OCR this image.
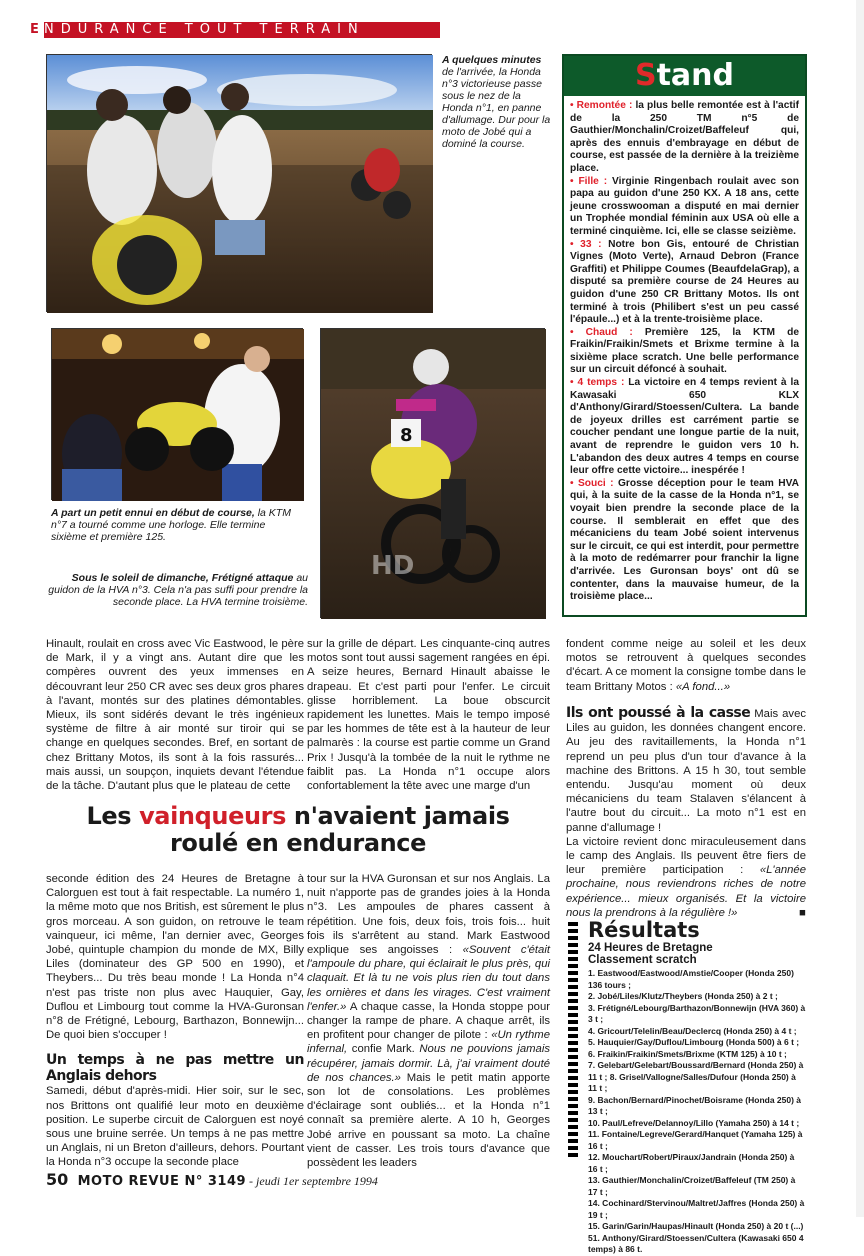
E
NDURANCE TOUT TERRAIN
A quelques minutes de l'arrivée, la Honda n°3 victorieuse passe sous le nez de la Honda n°1, en panne d'allumage. Dur pour la moto de Jobé qui a dominé la course.
A part un petit ennui en début de course, la KTM n°7 a tourné comme une horloge. Elle termine sixième et première 125.
Sous le soleil de dimanche, Frétigné attaque au guidon de la HVA n°3. Cela n'a pas suffi pour prendre la seconde place. La HVA termine troisième.
8
HD
Stand

• Remontée : la plus belle remontée est à l'actif de la 250 TM n°5 de Gauthier/Monchalin/Croizet/Baffeleuf qui, après des ennuis d'embrayage en début de course, est passée de la dernière à la treizième place.

• Fille : Virginie Ringenbach roulait avec son papa au guidon d'une 250 KX. A 18 ans, cette jeune crosswooman a disputé en mai dernier un Trophée mondial féminin aux USA où elle a terminé cinquième. Ici, elle se classe seizième.

• 33 : Notre bon Gis, entouré de Christian Vignes (Moto Verte), Arnaud Debron (France Graffiti) et Philippe Coumes (BeaufdelaGrap), a disputé sa première course de 24 Heures au guidon d'une 250 CR Brittany Motos. Ils ont terminé à trois (Philibert s'est un peu cassé l'épaule...) et à la trente-troisième place.

• Chaud : Première 125, la KTM de Fraikin/Fraikin/Smets et Brixme termine à la sixième place scratch. Une belle performance sur un circuit défoncé à souhait.

• 4 temps : La victoire en 4 temps revient à la Kawasaki 650 KLX d'Anthony/Girard/Stoessen/Cultera. La bande de joyeux drilles est carrément partie se coucher pendant une longue partie de la nuit, avant de reprendre le guidon vers 10 h. L'abandon des deux autres 4 temps en course leur offre cette victoire... inespérée !

• Souci : Grosse déception pour le team HVA qui, à la suite de la casse de la Honda n°1, se voyait bien prendre la seconde place de la course. Il semblerait en effet que des mécaniciens du team Jobé soient intervenus sur le circuit, ce qui est interdit, pour permettre à la moto de redémarrer pour franchir la ligne d'arrivée. Les Guronsan boys' ont dû se contenter, dans la mauvaise humeur, de la troisième place...

Hinault, roulait en cross avec Vic Eastwood, le père de Mark, il y a vingt ans. Autant dire que les compères ouvrent des yeux immenses en découvrant leur 250 CR avec ses deux gros phares à l'avant, montés sur des platines démontables. Mieux, ils sont sidérés devant le très ingénieux système de filtre à air monté sur tiroir qui se change en quelques secondes. Bref, en sortant de chez Brittany Motos, ils sont à la fois rassurés... mais aussi, un soupçon, inquiets devant l'étendue de la tâche. D'autant plus que le plateau de cette
sur la grille de départ. Les cinquante-cinq autres motos sont tout aussi sagement rangées en épi. A seize heures, Bernard Hinault abaisse le drapeau. Et c'est parti pour l'enfer. Le circuit glisse horriblement. La boue obscurcit rapidement les lunettes. Mais le tempo imposé par les hommes de tête est à la hauteur de leur palmarès : la course est partie comme un Grand Prix ! Jusqu'à la tombée de la nuit le rythme ne faiblit pas. La Honda n°1 occupe alors confortablement la tête avec une marge d'un
fondent comme neige au soleil et les deux motos se retrouvent à quelques secondes d'écart. A ce moment la consigne tombe dans le team Brittany Motos : «A fond...»
Les vainqueurs n'avaient jamais
roulé en endurance

seconde édition des 24 Heures de Bretagne à Calorguen est tout à fait respectable. La numéro 1, la même moto que nos British, est sûrement le plus gros morceau. A son guidon, on retrouve le team vainqueur, ici même, l'an dernier avec, Georges Jobé, quintuple champion du monde de MX, Billy Liles (dominateur des GP 500 en 1990), et Theybers... Du très beau monde ! La Honda n°4 n'est pas triste non plus avec Hauquier, Gay, Duflou et Limbourg tout comme la HVA-Guronsan n°8 de Frétigné, Lebourg, Barthazon, Bonnewijn... De quoi bien s'occuper !

Un temps à ne pas mettre un Anglais dehors

Samedi, début d'après-midi. Hier soir, sur le sec, nos Brittons ont qualifié leur moto en deuxième position. Le superbe circuit de Calorguen est noyé sous une bruine serrée. Un temps à ne pas mettre un Anglais, ni un Breton d'ailleurs, dehors. Pourtant la Honda n°3 occupe la seconde place

tour sur la HVA Guronsan et sur nos Anglais. La nuit n'apporte pas de grandes joies à la Honda n°3. Les ampoules de phares cassent à répétition. Une fois, deux fois, trois fois... huit fois ils s'arrêtent au stand. Mark Eastwood explique ses angoisses : «Souvent c'était l'ampoule du phare, qui éclairait le plus près, qui claquait. Et là tu ne vois plus rien du tout dans les ornières et dans les virages. C'est vraiment l'enfer.» A chaque casse, la Honda stoppe pour changer la rampe de phare. A chaque arrêt, ils en profitent pour changer de pilote : «Un rythme infernal, confie Mark. Nous ne pouvions jamais récupérer, jamais dormir. Là, j'ai vraiment douté de nos chances.» Mais le petit matin apporte son lot de consolations. Les problèmes d'éclairage sont oubliés... et la Honda n°1 connaît sa première alerte. A 10 h, Georges Jobé arrive en poussant sa moto. La chaîne vient de casser. Les trois tours d'avance que possèdent les leaders

Ils ont poussé à la casse Mais avec Liles au guidon, les données changent encore. Au jeu des ravitaillements, la Honda n°1 reprend un peu plus d'un tour d'avance à la machine des Brittons. A 15 h 30, tout semble entendu. Jusqu'au moment où deux mécaniciens du team Stalaven s'élancent à l'autre bout du circuit... La moto n°1 est en panne d'allumage !

La victoire revient donc miraculeusement dans le camp des Anglais. Ils peuvent être fiers de leur première participation : «L'année prochaine, nous reviendrons riches de notre expérience... mieux organisés. Et la victoire nous la prendrons à la régulière !»	■

Résultats
24 Heures de Bretagne
Classement scratch
1. Eastwood/Eastwood/Amstie/Cooper (Honda 250) 136 tours ;
2. Jobé/Liles/Klutz/Theybers (Honda 250) à 2 t ;
3. Frétigné/Lebourg/Barthazon/Bonnewijn (HVA 360) à 3 t ;
4. Gricourt/Telelin/Beau/Declercq (Honda 250) à 4 t ;
5. Hauquier/Gay/Duflou/Limbourg (Honda 500) à 6 t ;
6. Fraikin/Fraikin/Smets/Brixme (KTM 125) à 10 t ;
7. Gelebart/Gelebart/Boussard/Bernard (Honda 250) à 11 t ; 8. Grisel/Vallogne/Salles/Dufour (Honda 250) à 11 t ;
9. Bachon/Bernard/Pinochet/Boisrame (Honda 250) à 13 t ;
10. Paul/Lefreve/Delannoy/Lillo (Yamaha 250) à 14 t ;
11. Fontaine/Legreve/Gerard/Hanquet (Yamaha 125) à 16 t ;
12. Mouchart/Robert/Piraux/Jandrain (Honda 250) à 16 t ;
13. Gauthier/Monchalin/Croizet/Baffeleuf (TM 250) à 17 t ;
14. Cochinard/Stervinou/Maltret/Jaffres (Honda 250) à 19 t ;
15. Garin/Garin/Haupas/Hinault (Honda 250) à 20 t (...) 51. Anthony/Girard/Stoessen/Cultera (Kawasaki 650 4 temps) à 86 t.
50 MOTO REVUE N° 3149 - jeudi 1er septembre 1994
